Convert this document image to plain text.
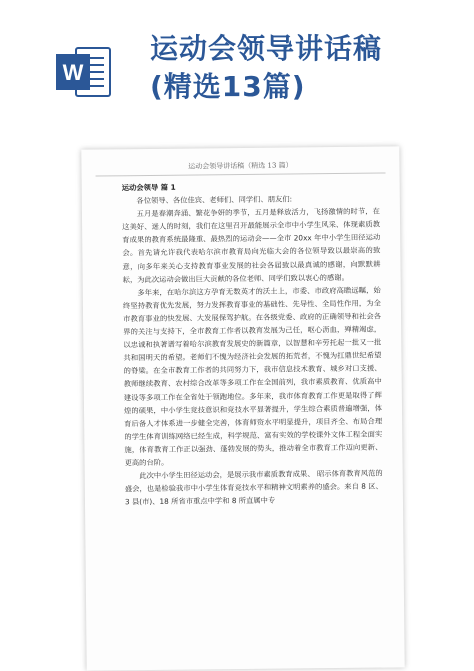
W
运动会领导讲话稿
(精选13篇)
运动会领导讲话稿（精选 13 篇）

运动会领导 篇 1

各位领导、各位佳宾、老师们、同学们、朋友们:

五月是春潮奔涌、繁花争妍的季节，五月是释放活力，飞扬激情的时节，在这美好、迷人的时刻，我们在这里召开最能展示全市中小学生风采、体现素质教育成果的教育系统最隆重、最热烈的运动会——全市 20xx 年中小学生田径运动会。首先请允许我代表哈尔滨市教育局向光临大会的各位领导致以最崇高的致意，向多年来关心支持教育事业发展的社会各届致以最真诚的感谢，向默默耕耘，为此次运动会做出巨大贡献的各位老师、同学们致以衷心的感谢。

多年来，在哈尔滨这方孕育无数英才的沃土上，市委、市政府高瞻远瞩，始终坚持教育优先发展，努力发挥教育事业的基础性、先导性、全局性作用，为全市教育事业的快发展、大发展保驾护航。在各级党委、政府的正确领导和社会各界的关注与支持下，全市教育工作者以教育发展为己任，呕心沥血，殚精竭虑，以忠诚和执著谱写着哈尔滨教育发展史的新篇章，以智慧和辛劳托起一批又一批共和国明天的希望。老师们不愧为经济社会发展的拓荒者，不愧为扛鼎世纪希望的脊梁。在全市教育工作者的共同努力下，我市信息技术教育、城乡对口支援、教师继续教育、农村综合改革等多项工作在全国前列，我市素质教育、优质高中建设等多项工作在全省处于领跑地位。多年来，我市体育教育工作更是取得了辉煌的硕果，中小学生竞技意识和竞技水平显著提升，学生综合素质普遍增强，体育后备人才体系进一步健全完善，体育师资水平明显提升，项目齐全、布局合理的学生体育训练网络已经生成，科学规范、富有实效的学校课外文体工程全面实施，体育教育工作正以强劲、蓬勃发展的势头，推动着全市教育工作迈向更新、更高的台阶。

此次中小学生田径运动会，是展示我市素质教育成果、 昭示体育教育风范的盛会，也是检验我市中小学生体育竞技水平和精神文明素养的盛会。来自 8 区、3 县(市)、18 所省市重点中学和 8 所直属中专
